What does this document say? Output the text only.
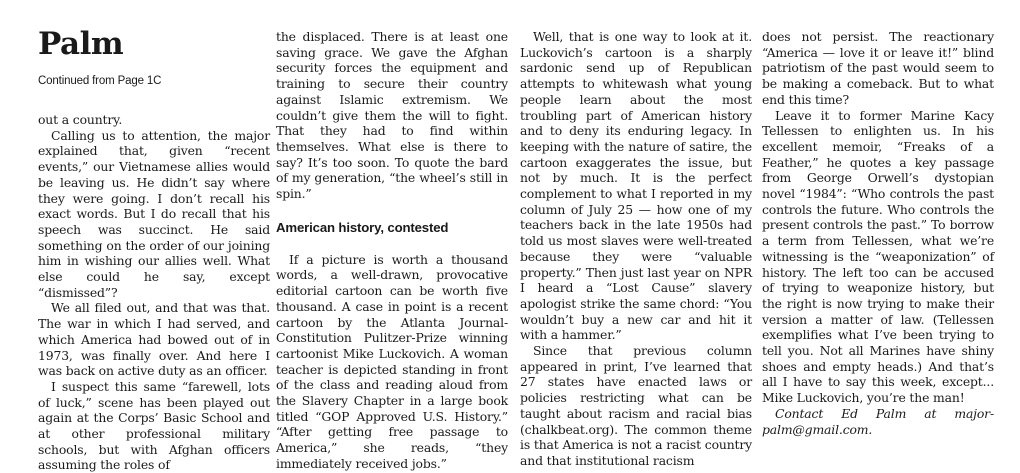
Palm
Continued from Page 1C

out a country.

Calling us to attention, the major explained that, given “recent events,” our Vietnamese allies would be leaving us. He didn’t say where they were going. I don’t recall his exact words. But I do recall that his speech was succinct. He said something on the order of our joining him in wishing our allies well. What else could he say, except “dismissed”?

We all filed out, and that was that. The war in which I had served, and which America had bowed out of in 1973, was finally over. And here I was back on active duty as an officer.

I suspect this same “farewell, lots of luck,” scene has been played out again at the Corps’ Basic School and at other professional military schools, but with Afghan officers assuming the roles of

the displaced. There is at least one saving grace. We gave the Afghan security forces the equipment and training to secure their country against Islamic extremism. We couldn’t give them the will to fight. That they had to find within themselves. What else is there to say? It’s too soon. To quote the bard of my generation, “the wheel’s still in spin.”

American history, contested

If a picture is worth a thousand words, a well-drawn, provocative editorial cartoon can be worth five thousand. A case in point is a recent cartoon by the Atlanta Journal-Constitution Pulitzer-Prize winning cartoonist Mike Luckovich. A woman teacher is depicted standing in front of the class and reading aloud from the Slavery Chapter in a large book titled “GOP Approved U.S. History.” “After getting free passage to America,” she reads, “they immediately received jobs.”

Well, that is one way to look at it. Luckovich’s cartoon is a sharply sardonic send up of Republican attempts to whitewash what young people learn about the most troubling part of American history and to deny its enduring legacy. In keeping with the nature of satire, the cartoon exaggerates the issue, but not by much. It is the perfect complement to what I reported in my column of July 25 — how one of my teachers back in the late 1950s had told us most slaves were well-treated because they were “valuable property.” Then just last year on NPR I heard a “Lost Cause” slavery apologist strike the same chord: “You wouldn’t buy a new car and hit it with a hammer.”

Since that previous column appeared in print, I’ve learned that 27 states have enacted laws or policies restricting what can be taught about racism and racial bias (chalkbeat.org). The common theme is that America is not a racist country and that institutional racism

does not persist. The reactionary “America — love it or leave it!” blind patriotism of the past would seem to be making a comeback. But to what end this time?

Leave it to former Marine Kacy Tellessen to enlighten us. In his excellent memoir, “Freaks of a Feather,” he quotes a key passage from George Orwell’s dystopian novel “1984”: “Who controls the past controls the future. Who controls the present controls the past.” To borrow a term from Tellessen, what we’re witnessing is the “weaponization” of history. The left too can be accused of trying to weaponize history, but the right is now trying to make their version a matter of law. (Tellessen exemplifies what I’ve been trying to tell you. Not all Marines have shiny shoes and empty heads.) And that’s all I have to say this week, except... Mike Luckovich, you’re the man!

Contact Ed Palm at major-palm@gmail.com.
